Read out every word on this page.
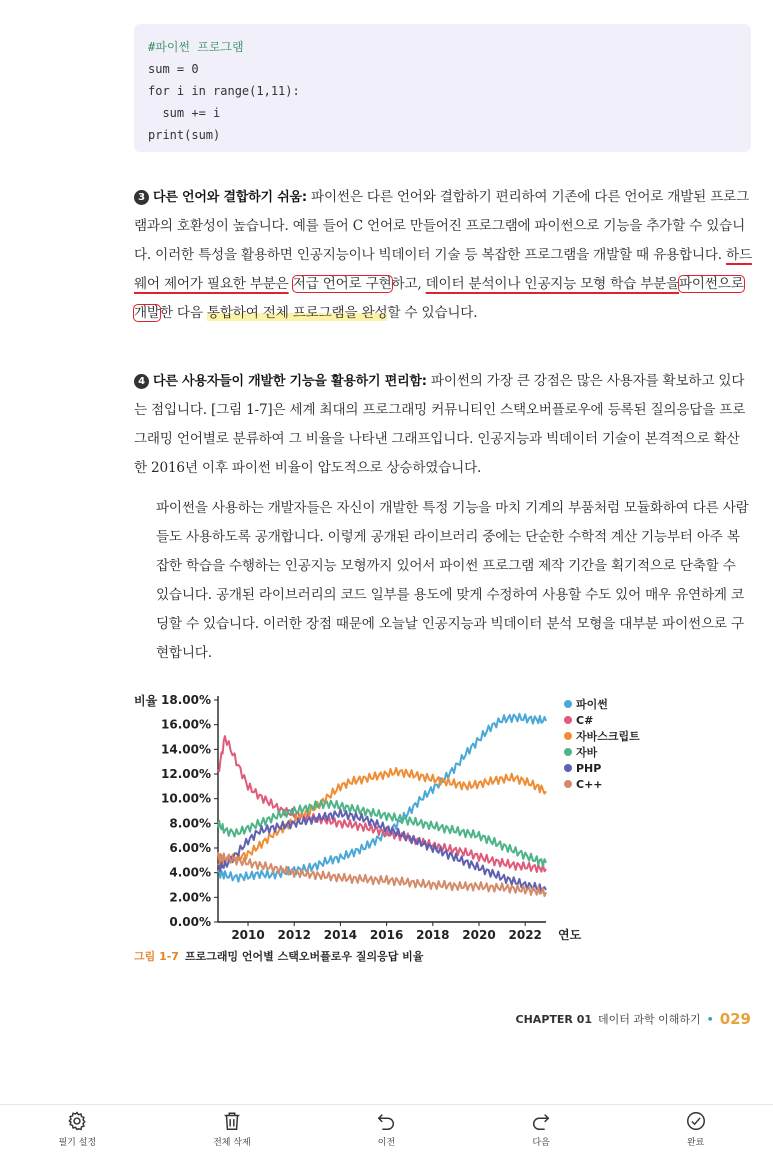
#파이썬 프로그램
sum = 0
for i in range(1,11):
sum += i
print(sum)
3 다른 언어와 결합하기 쉬움: 파이썬은 다른 언어와 결합하기 편리하여 기존에 다른 언어로 개발된 프로그램과의 호환성이 높습니다. 예를 들어 C 언어로 만들어진 프로그램에 파이썬으로 기능을 추가할 수 있습니다. 이러한 특성을 활용하면 인공지능이나 빅데이터 기술 등 복잡한 프로그램을 개발할 때 유용합니다. 하드웨어 제어가 필요한 부분은 저급 언어로 구현하고, 데이터 분석이나 인공지능 모형 학습 부분을파이썬으로 개발한 다음 통합하여 전체 프로그램을 완성할 수 있습니다.
4 다른 사용자들이 개발한 기능을 활용하기 편리함: 파이썬의 가장 큰 강점은 많은 사용자를 확보하고 있다는 점입니다. [그림 1-7]은 세계 최대의 프로그래밍 커뮤니티인 스택오버플로우에 등록된 질의응답을 프로그래밍 언어별로 분류하여 그 비율을 나타낸 그래프입니다. 인공지능과 빅데이터 기술이 본격적으로 확산한 2016년 이후 파이썬 비율이 압도적으로 상승하였습니다.
파이썬을 사용하는 개발자들은 자신이 개발한 특정 기능을 마치 기계의 부품처럼 모듈화하여 다른 사람들도 사용하도록 공개합니다. 이렇게 공개된 라이브러리 중에는 단순한 수학적 계산 기능부터 아주 복잡한 학습을 수행하는 인공지능 모형까지 있어서 파이썬 프로그램 제작 기간을 획기적으로 단축할 수 있습니다. 공개된 라이브러리의 코드 일부를 용도에 맞게 수정하여 사용할 수도 있어 매우 유연하게 코딩할 수 있습니다. 이러한 장점 때문에 오늘날 인공지능과 빅데이터 분석 모형을 대부분 파이썬으로 구현합니다.
0.00%
2.00%
4.00%
6.00%
8.00%
10.00%
12.00%
14.00%
16.00%
18.00%
2010 2012 2014 2016 2018 2020 2022
비율
연도
파이썬
C#
자바스크립트
자바
PHP
C++
그림 1-7 프로그래밍 언어별 스택오버플로우 질의응답 비율
CHAPTER 01 데이터 과학 이해하기 • 029
필기 설정	전체 삭제	이전	다음	완료
